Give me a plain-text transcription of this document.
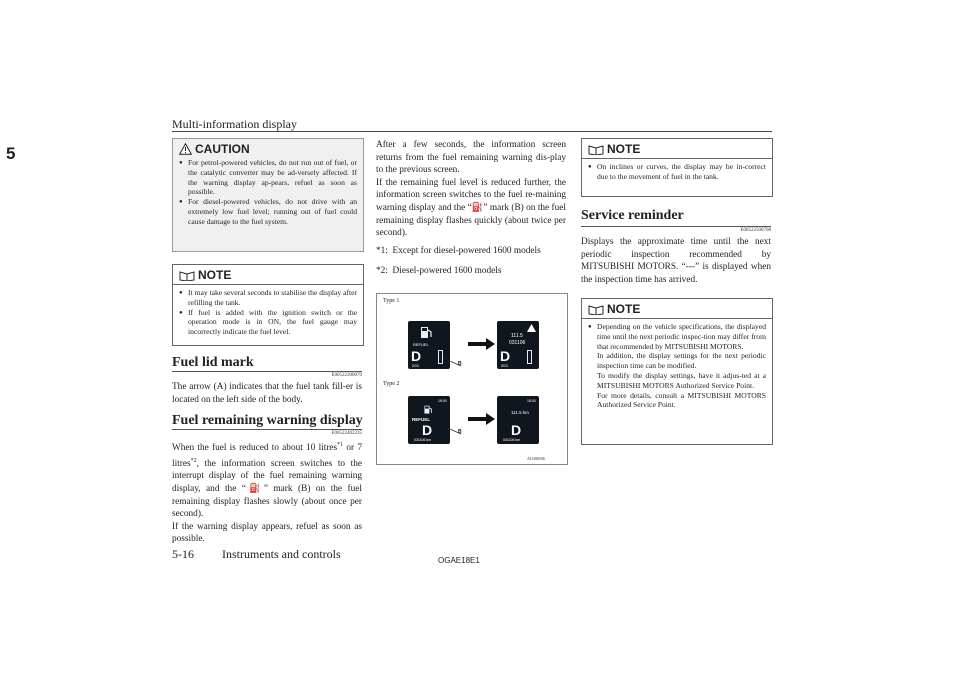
Multi-information display
5	CAUTION
● For petrol-powered vehicles, do not run out of fuel, or the catalytic converter may be ad-versely affected. If the warning display ap-pears, refuel as soon as possible.
● For diesel-powered vehicles, do not drive with an extremely low fuel level; running out of fuel could cause damage to the fuel system.
NOTE
● It may take several seconds to stabilise the display after refilling the tank.
● If fuel is added with the ignition switch or the operation mode is in ON, the fuel gauge may incorrectly indicate the fuel level.
Fuel lid mark
E00522300070
The arrow (A) indicates that the fuel tank fill-er is located on the left side of the body.
Fuel remaining warning display
E00522402235
When the fuel is reduced to about 10 litres$^{*1}$ or 7 litres$^{*2}$, the information screen switches to the interrupt display of the fuel remaining warning display, and the “⛽” mark (B) on the fuel remaining display flashes slowly (about once per second).
If the warning display appears, refuel as soon as possible.
After a few seconds, the information screen returns from the fuel remaining warning dis-play to the previous screen.
If the remaining fuel level is reduced further, the information screen switches to the fuel re-maining warning display and the “⛽” mark (B) on the fuel remaining display flashes quickly (about twice per second).
*1: Except for diesel-powered 1600 models
*2: Diesel-powered 1600 models
Type 1
Type 2
REFUEL
D
203	B
111.5
031106
D
203
18:00
REFUEL
D
031106 km
B
18:00
111.5 km
D
031106 km
AG300336
NOTE
● On inclines or curves, the display may be in-correct due to the movement of fuel in the tank.
Service reminder
E00522500708
Displays the approximate time until the next periodic inspection recommended by MITSUBISHI MOTORS. “---” is displayed when the inspection time has arrived.
NOTE
● Depending on the vehicle specifications, the displayed time until the next periodic inspec-tion may differ from that recommended by MITSUBISHI MOTORS.
In addition, the display settings for the next periodic inspection time can be modified.
To modify the display settings, have it adjus-ted at a MITSUBISHI MOTORS Authorized Service Point.
For more details, consult a MITSUBISHI MOTORS Authorized Service Point.
5-16 Instruments and controls	OGAE18E1
